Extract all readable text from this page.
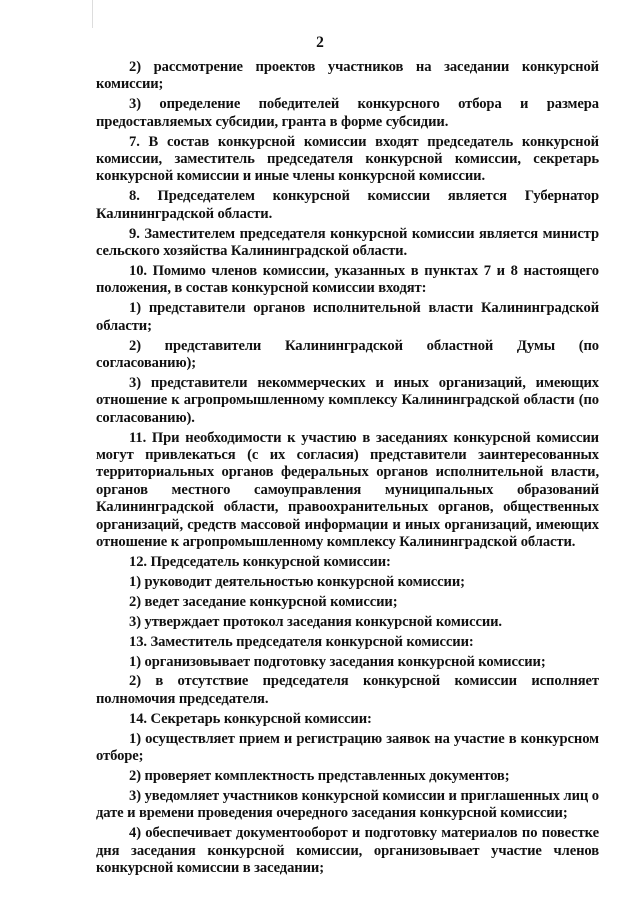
2

2) рассмотрение проектов участников на заседании конкурсной комиссии;

3) определение победителей конкурсного отбора и размера предоставляемых субсидии, гранта в форме субсидии.

7. В состав конкурсной комиссии входят председатель конкурсной комиссии, заместитель председателя конкурсной комиссии, секретарь конкурсной комиссии и иные члены конкурсной комиссии.

8. Председателем конкурсной комиссии является Губернатор Калининградской области.

9. Заместителем председателя конкурсной комиссии является министр сельского хозяйства Калининградской области.

10. Помимо членов комиссии, указанных в пунктах 7 и 8 настоящего положения, в состав конкурсной комиссии входят:

1) представители органов исполнительной власти Калининградской области;

2) представители Калининградской областной Думы (по согласованию);

3) представители некоммерческих и иных организаций, имеющих отношение к агропромышленному комплексу Калининградской области (по согласованию).

11. При необходимости к участию в заседаниях конкурсной комиссии могут привлекаться (с их согласия) представители заинтересованных территориальных органов федеральных органов исполнительной власти, органов местного самоуправления муниципальных образований Калининградской области, правоохранительных органов, общественных организаций, средств массовой информации и иных организаций, имеющих отношение к агропромышленному комплексу Калининградской области.

12. Председатель конкурсной комиссии:

1) руководит деятельностью конкурсной комиссии;

2) ведет заседание конкурсной комиссии;

3) утверждает протокол заседания конкурсной комиссии.

13. Заместитель председателя конкурсной комиссии:

1) организовывает подготовку заседания конкурсной комиссии;

2) в отсутствие председателя конкурсной комиссии исполняет полномочия председателя.

14. Секретарь конкурсной комиссии:

1) осуществляет прием и регистрацию заявок на участие в конкурсном отборе;

2) проверяет комплектность представленных документов;

3) уведомляет участников конкурсной комиссии и приглашенных лиц о дате и времени проведения очередного заседания конкурсной комиссии;

4) обеспечивает документооборот и подготовку материалов по повестке дня заседания конкурсной комиссии, организовывает участие членов конкурсной комиссии в заседании;
